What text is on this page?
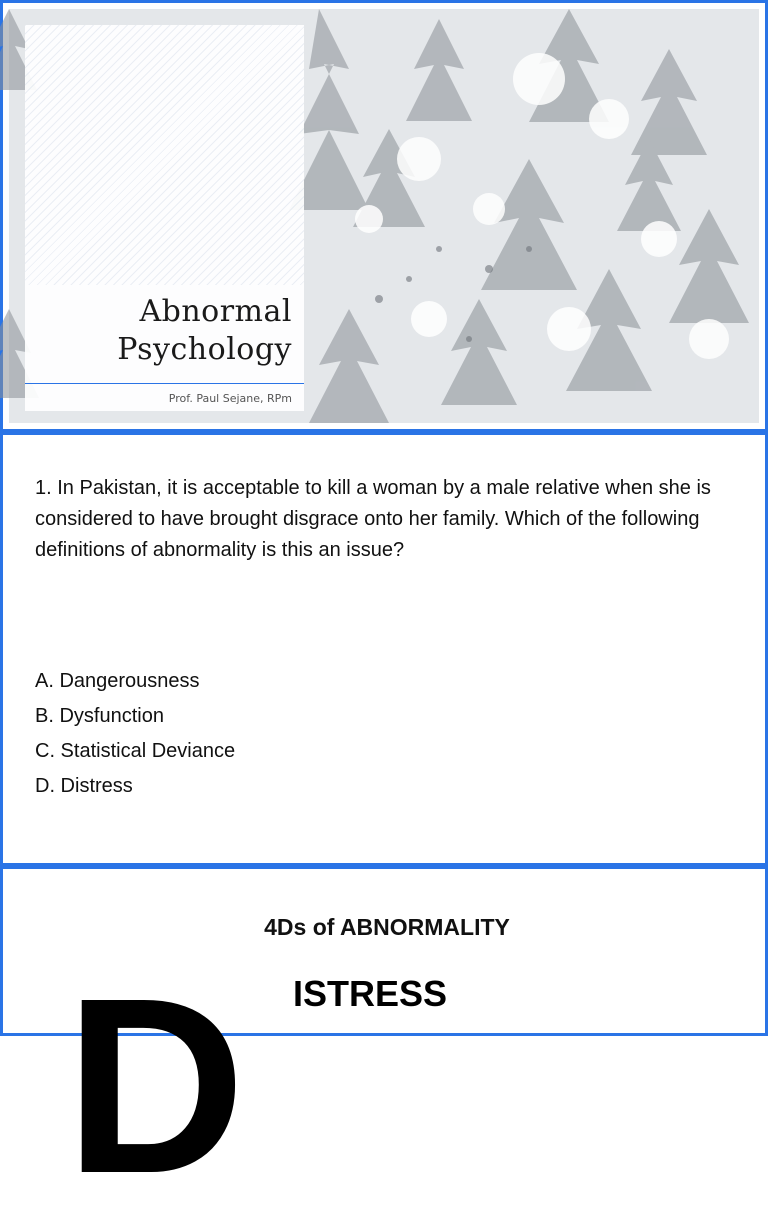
Abnormal
Psychology
Prof. Paul Sejane, RPm
1. In Pakistan, it is acceptable to kill a woman by a male relative when she is considered to have brought disgrace onto her family. Which of the following definitions of abnormality is this an issue?
A. Dangerousness
B. Dysfunction
C. Statistical Deviance
D. Distress
4Ds of ABNORMALITY
D ISTRESS
